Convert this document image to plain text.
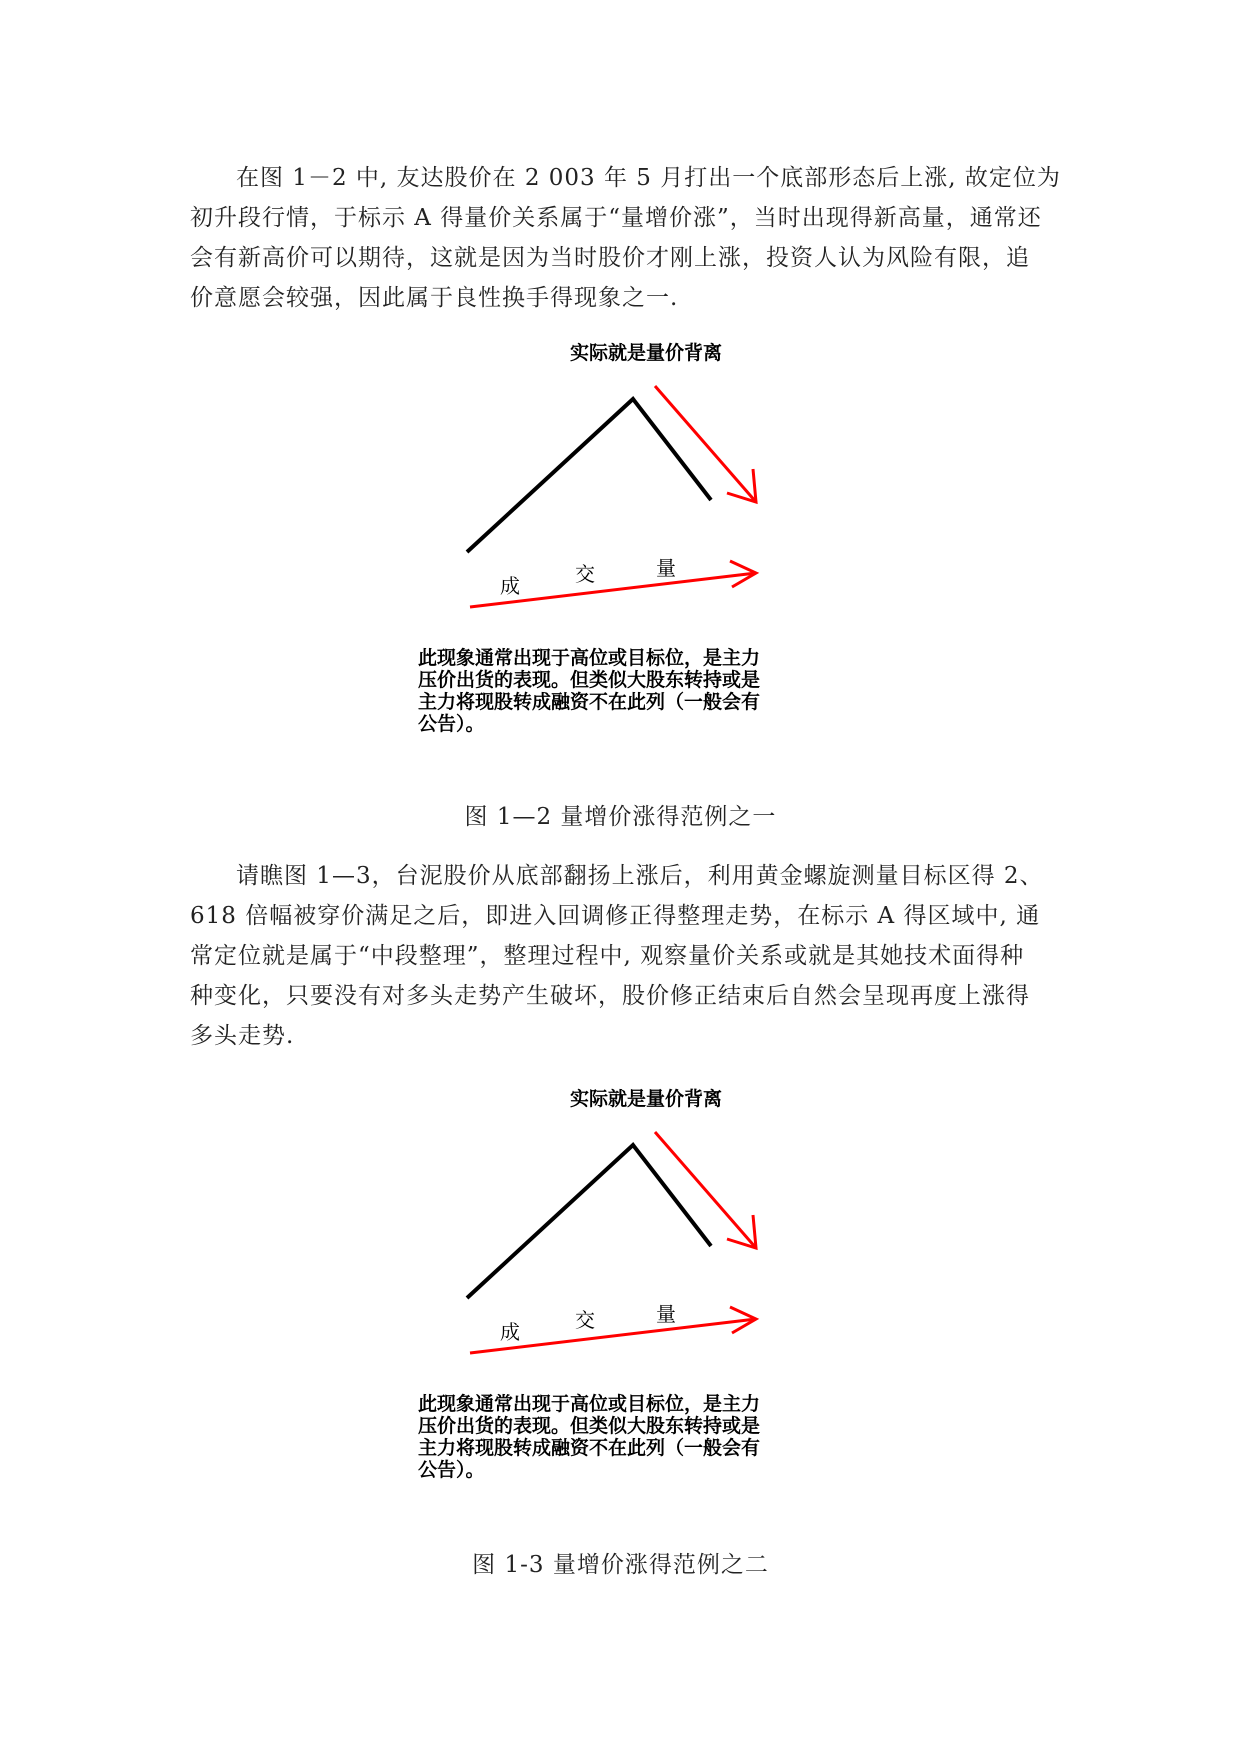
在图 1－2 中, 友达股价在 2 003 年 5 月打出一个底部形态后上涨, 故定位为
初升段行情，于标示 A 得量价关系属于“量增价涨”，当时出现得新高量，通常还
会有新高价可以期待，这就是因为当时股价才刚上涨，投资人认为风险有限，追
价意愿会较强，因此属于良性换手得现象之一.
实际就是量价背离
成	交	量
此现象通常出现于高位或目标位，是主力
压价出货的表现。但类似大股东转持或是
主力将现股转成融资不在此列（一般会有
公告）。
图 1—2 量增价涨得范例之一
请瞧图 1—3，台泥股价从底部翻扬上涨后，利用黄金螺旋测量目标区得 2、
618 倍幅被穿价满足之后，即进入回调修正得整理走势，在标示 A 得区域中, 通
常定位就是属于“中段整理”，整理过程中, 观察量价关系或就是其她技术面得种
种变化，只要没有对多头走势产生破坏，股价修正结束后自然会呈现再度上涨得
多头走势.
实际就是量价背离
成	交	量
此现象通常出现于高位或目标位，是主力
压价出货的表现。但类似大股东转持或是
主力将现股转成融资不在此列（一般会有
公告）。
图 1-3 量增价涨得范例之二
